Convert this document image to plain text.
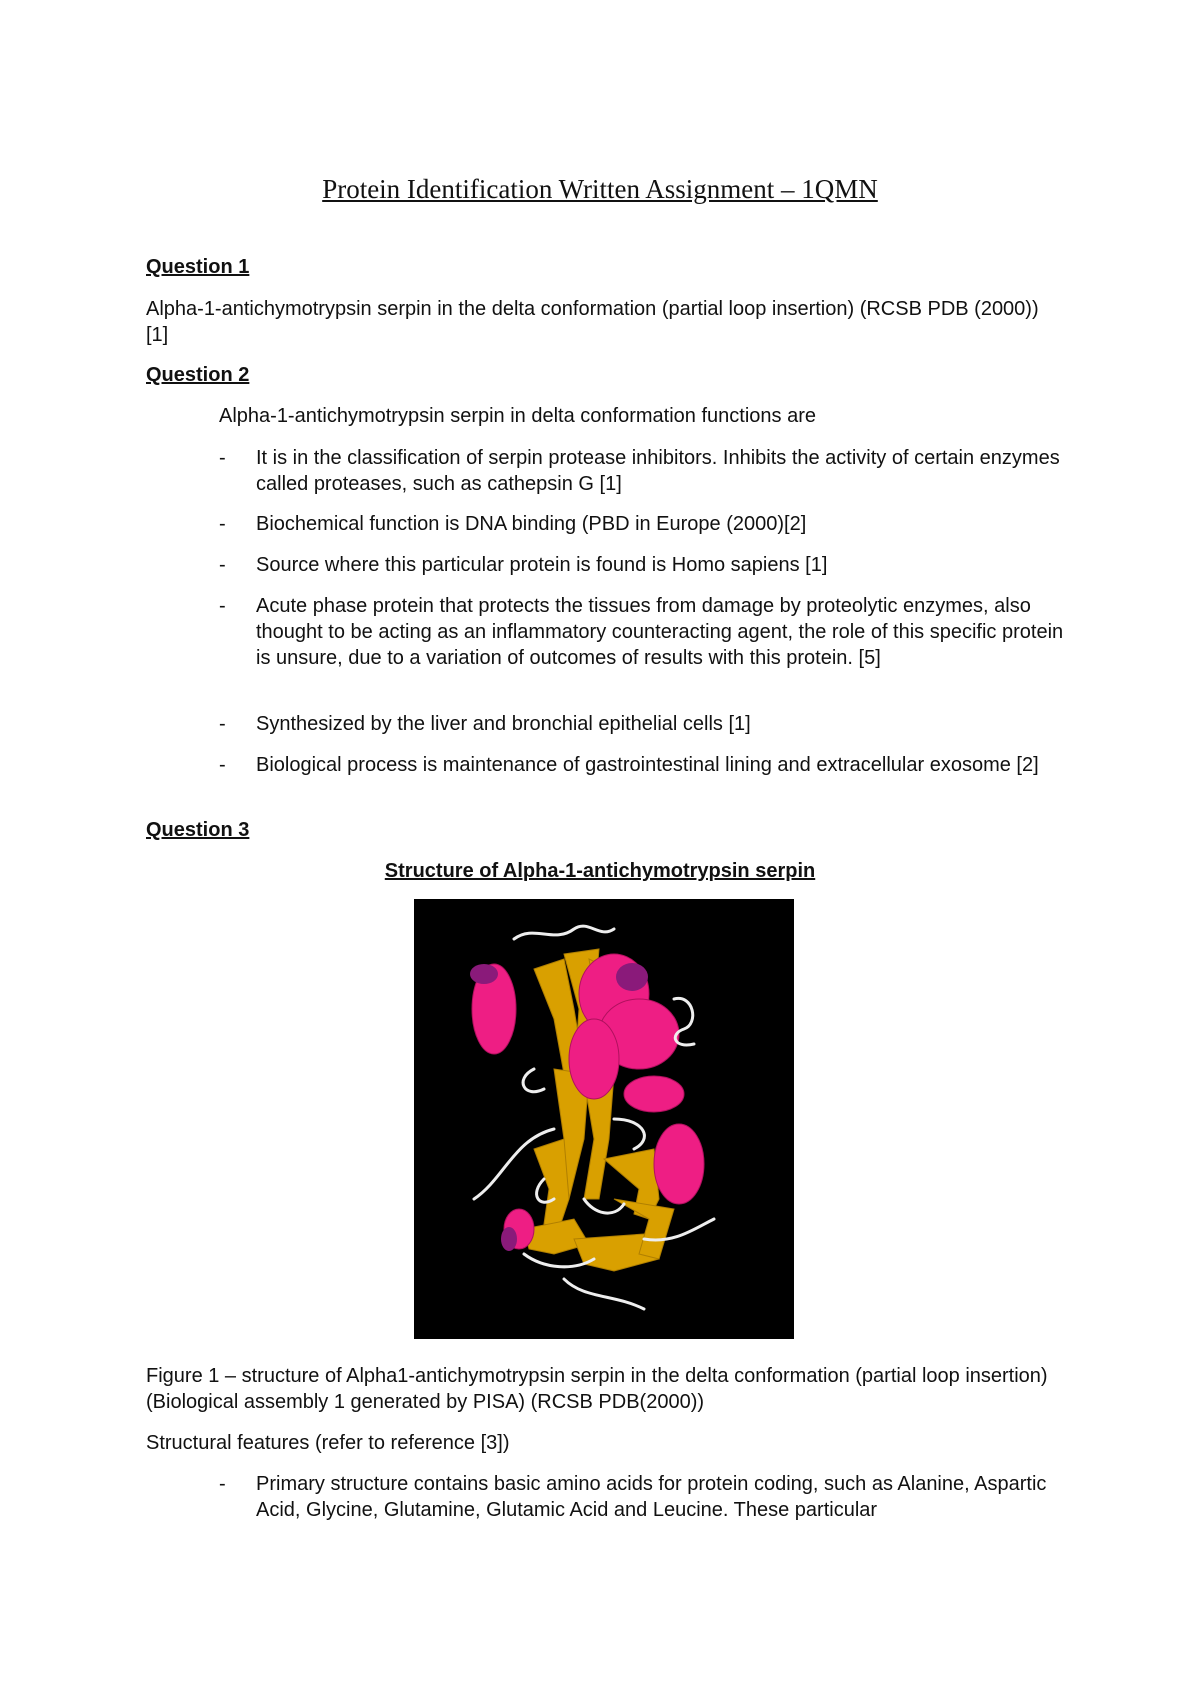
Protein Identification Written Assignment – 1QMN
Question 1

Alpha-1-antichymotrypsin serpin in the delta conformation (partial loop insertion) (RCSB PDB (2000)) [1]

Question 2
Alpha-1-antichymotrypsin serpin in delta conformation functions are
-	It is in the classification of serpin protease inhibitors. Inhibits the activity of certain enzymes called proteases, such as cathepsin G [1]
-	Biochemical function is DNA binding (PBD in Europe (2000)[2]
-	Source where this particular protein is found is Homo sapiens [1]
-	Acute phase protein that protects the tissues from damage by proteolytic enzymes, also thought to be acting as an inflammatory counteracting agent, the role of this specific protein is unsure, due to a variation of outcomes of results with this protein. [5]
-	Synthesized by the liver and bronchial epithelial cells [1]
-	Biological process is maintenance of gastrointestinal lining and extracellular exosome [2]
Question 3
Structure of Alpha-1-antichymotrypsin serpin

Figure 1 – structure of Alpha1-antichymotrypsin serpin in the delta conformation (partial loop insertion) (Biological assembly 1 generated by PISA) (RCSB PDB(2000))

Structural features (refer to reference [3])
-	Primary structure contains basic amino acids for protein coding, such as Alanine, Aspartic Acid, Glycine, Glutamine, Glutamic Acid and Leucine. These particular
